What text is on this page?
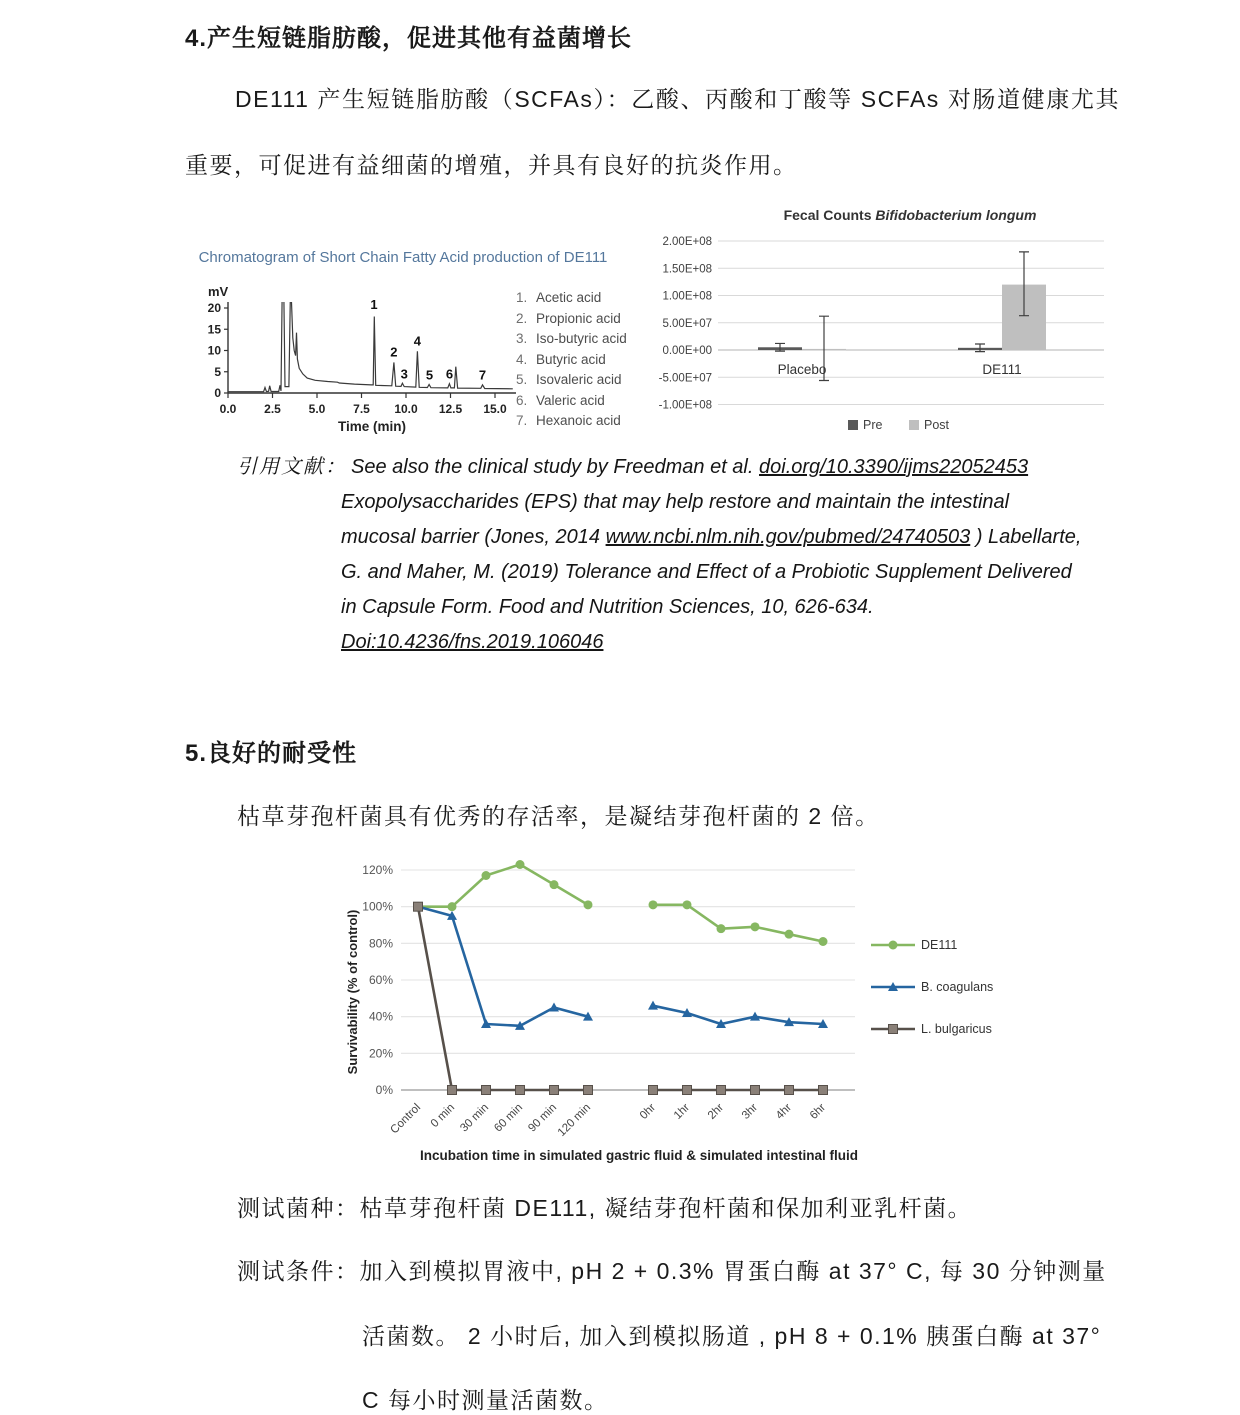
4.产生短链脂肪酸，促进其他有益菌增长
DE111 产生短链脂肪酸（SCFAs）：乙酸、丙酸和丁酸等 SCFAs 对肠道健康尤其重要，可促进有益细菌的增殖，并具有良好的抗炎作用。
Chromatogram of Short Chain Fatty Acid production of DE111
0
5
10
15
20
0.0 2.5 5.0 7.5 10.0 12.5 15.0
mV
Time (min)
1
2
3
4
5 6 7
1. Acetic acid
2. Propionic acid
3. Iso-butyric acid
4. Butyric acid
5. Isovaleric acid
6. Valeric acid
7. Hexanoic acid
Fecal Counts Bifidobacterium longum
2.00E+08
1.50E+08
1.00E+08
5.00E+07
0.00E+00
-5.00E+07
-1.00E+08
Placebo	DE111
Pre	Post
引用文献： See also the clinical study by Freedman et al. doi.org/10.3390/ijms22052453
Exopolysaccharides (EPS) that may help restore and maintain the intestinal
mucosal barrier (Jones, 2014 www.ncbi.nlm.nih.gov/pubmed/24740503 ) Labellarte,
G. and Maher, M. (2019) Tolerance and Effect of a Probiotic Supplement Delivered
in Capsule Form. Food and Nutrition Sciences, 10, 626-634.
Doi:10.4236/fns.2019.106046
5.良好的耐受性
枯草芽孢杆菌具有优秀的存活率，是凝结芽孢杆菌的 2 倍。
0%
20%
40%
60%
80%
100%
120%
Survivability (% of control)
Control 0 min 30 min 60 min 90 min
120 min	0hr 1hr 2hr 3hr 4hr 6hr
Incubation time in simulated gastric fluid & simulated intestinal fluid
DE111
B. coagulans
L. bulgaricus
测试菌种：枯草芽孢杆菌 DE111, 凝结芽孢杆菌和保加利亚乳杆菌。
测试条件：加入到模拟胃液中, pH 2 + 0.3% 胃蛋白酶 at 37° C, 每 30 分钟测量
活菌数。 2 小时后, 加入到模拟肠道 , pH 8 + 0.1% 胰蛋白酶 at 37°
C 每小时测量活菌数。
